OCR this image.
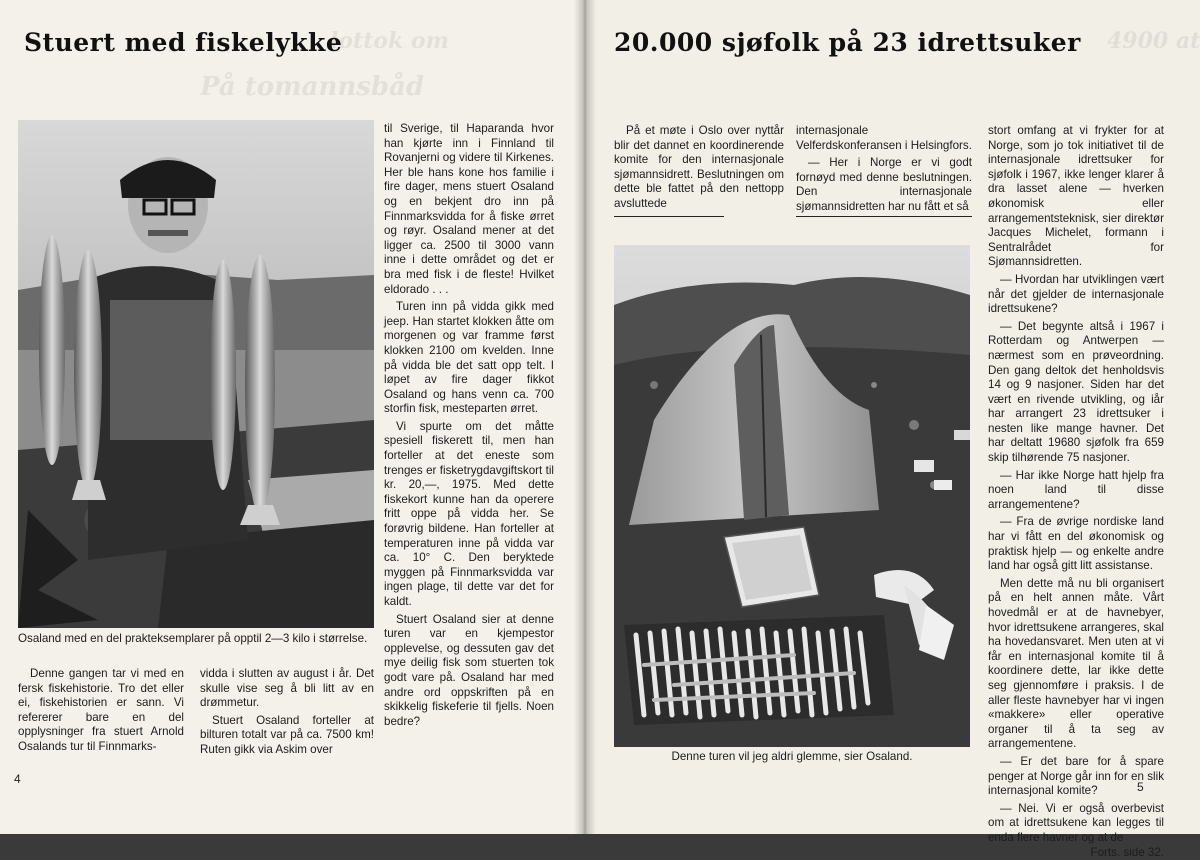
lottok om
På tomannsbåd
Stuert med fiskelykke
Osaland med en del prakteksemplarer på opptil 2—3 kilo i størrelse.

Denne gangen tar vi med en fersk fiskehistorie. Tro det eller ei, fiskehistorien er sann. Vi refererer bare en del opplysninger fra stuert Arnold Osalands tur til Finnmarks-

vidda i slutten av august i år. Det skulle vise seg å bli litt av en drømmetur.

Stuert Osaland forteller at bilturen totalt var på ca. 7500 km! Ruten gikk via Askim over

til Sverige, til Haparanda hvor han kjørte inn i Finnland til Rovanjerni og videre til Kirkenes. Her ble hans kone hos familie i fire dager, mens stuert Osaland og en bekjent dro inn på Finnmarksvidda for å fiske ørret og røyr. Osaland mener at det ligger ca. 2500 til 3000 vann inne i dette området og det er bra med fisk i de fleste! Hvilket eldorado . . .

Turen inn på vidda gikk med jeep. Han startet klokken åtte om morgenen og var framme først klokken 2100 om kvelden. Inne på vidda ble det satt opp telt. I løpet av fire dager fikkot Osaland og hans venn ca. 700 storfin fisk, mesteparten ørret.

Vi spurte om det måtte spesiell fiskerett til, men han forteller at det eneste som trenges er fisketrygdavgiftskort til kr. 20,—, 1975. Med dette fiskekort kunne han da operere fritt oppe på vidda her. Se forøvrig bildene. Han forteller at temperaturen inne på vidda var ca. 10° C. Den beryktede myggen på Finnmarksvidda var ingen plage, til dette var det for kaldt.

Stuert Osaland sier at denne turen var en kjempestor opplevelse, og dessuten gav det mye deilig fisk som stuerten tok godt vare på. Osaland har med andre ord oppskriften på en skikkelig fiskeferie til fjells. Noen bedre?

4
4900 at
20.000 sjøfolk på 23 idrettsuker

På et møte i Oslo over nyttår blir det dannet en koordinerende komite for den internasjonale sjømannsidrett. Beslutningen om dette ble fattet på den nettopp avsluttede

internasjonale Velferdskonferansen i Helsingfors.

— Her i Norge er vi godt fornøyd med denne beslutningen. Den internasjonale sjømannsidretten har nu fått et så

Denne turen vil jeg aldri glemme, sier Osaland.

stort omfang at vi frykter for at Norge, som jo tok initiativet til de internasjonale idrettsuker for sjøfolk i 1967, ikke lenger klarer å dra lasset alene — hverken økonomisk eller arrangementsteknisk, sier direktør Jacques Michelet, formann i Sentralrådet for Sjømannsidretten.

— Hvordan har utviklingen vært når det gjelder de internasjonale idrettsukene?

— Det begynte altså i 1967 i Rotterdam og Antwerpen — nærmest som en prøveordning. Den gang deltok det henholdsvis 14 og 9 nasjoner. Siden har det vært en rivende utvikling, og iår har arrangert 23 idrettsuker i nesten like mange havner. Det har deltatt 19680 sjøfolk fra 659 skip tilhørende 75 nasjoner.

— Har ikke Norge hatt hjelp fra noen land til disse arrangementene?

— Fra de øvrige nordiske land har vi fått en del økonomisk og praktisk hjelp — og enkelte andre land har også gitt litt assistanse.

Men dette må nu bli organisert på en helt annen måte. Vårt hovedmål er at de havnebyer, hvor idrettsukene arrangeres, skal ha hovedansvaret. Men uten at vi får en internasjonal komite til å koordinere dette, lar ikke dette seg gjennomføre i praksis. I de aller fleste havnebyer har vi ingen «makkere» eller operative organer til å ta seg av arrangementene.

— Er det bare for å spare penger at Norge går inn for en slik internasjonal komite?

— Nei. Vi er også overbevist om at idrettsukene kan legges til enda flere havner og at de

Forts. side 32.
5
